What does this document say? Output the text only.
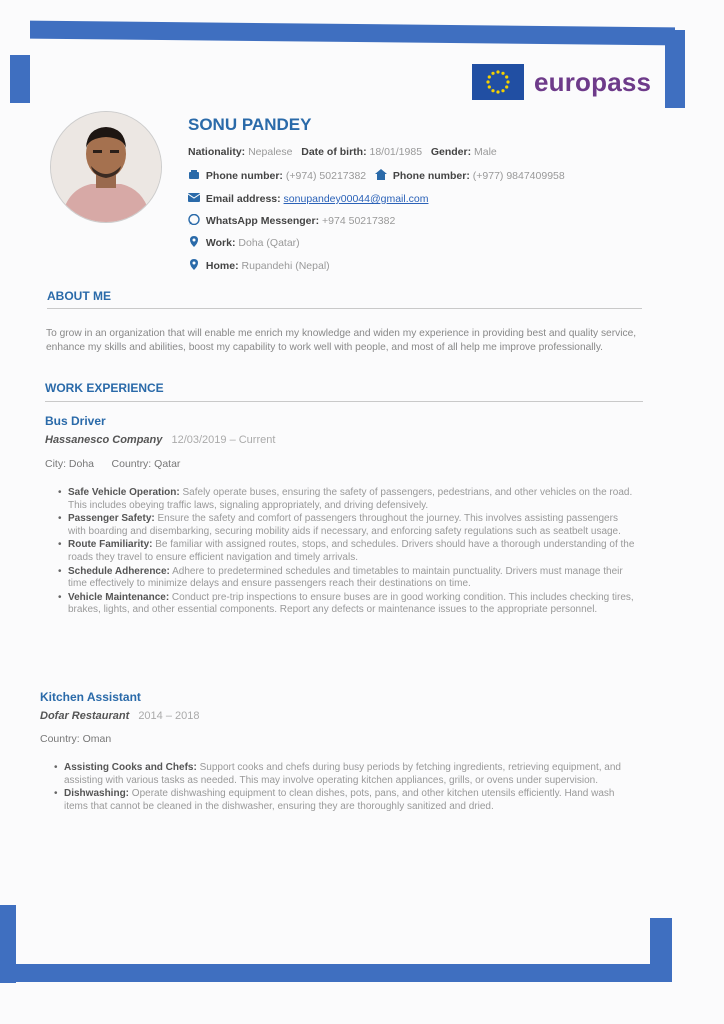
europass
SONU PANDEY
Nationality: Nepalese Date of birth: 18/01/1985 Gender: Male
Phone number: (+974) 50217382	Phone number: (+977) 9847409958
Email address: sonupandey00044@gmail.com
WhatsApp Messenger: +974 50217382
Work: Doha (Qatar)
Home: Rupandehi (Nepal)
ABOUT ME
To grow in an organization that will enable me enrich my knowledge and widen my experience in providing best and quality service, enhance my skills and abilities, boost my capability to work well with people, and most of all help me improve professionally.
WORK EXPERIENCE
Bus Driver
Hassanesco Company 12/03/2019 – Current
City: Doha Country: Qatar
• Safe Vehicle Operation: Safely operate buses, ensuring the safety of passengers, pedestrians, and other vehicles on the road. This includes obeying traffic laws, signaling appropriately, and driving defensively.
• Passenger Safety: Ensure the safety and comfort of passengers throughout the journey. This involves assisting passengers with boarding and disembarking, securing mobility aids if necessary, and enforcing safety regulations such as seatbelt usage.
• Route Familiarity: Be familiar with assigned routes, stops, and schedules. Drivers should have a thorough understanding of the roads they travel to ensure efficient navigation and timely arrivals.
• Schedule Adherence: Adhere to predetermined schedules and timetables to maintain punctuality. Drivers must manage their time effectively to minimize delays and ensure passengers reach their destinations on time.
• Vehicle Maintenance: Conduct pre-trip inspections to ensure buses are in good working condition. This includes checking tires, brakes, lights, and other essential components. Report any defects or maintenance issues to the appropriate personnel.
Kitchen Assistant
Dofar Restaurant 2014 – 2018
Country: Oman
• Assisting Cooks and Chefs: Support cooks and chefs during busy periods by fetching ingredients, retrieving equipment, and assisting with various tasks as needed. This may involve operating kitchen appliances, grills, or ovens under supervision.
• Dishwashing: Operate dishwashing equipment to clean dishes, pots, pans, and other kitchen utensils efficiently. Hand wash items that cannot be cleaned in the dishwasher, ensuring they are thoroughly sanitized and dried.
